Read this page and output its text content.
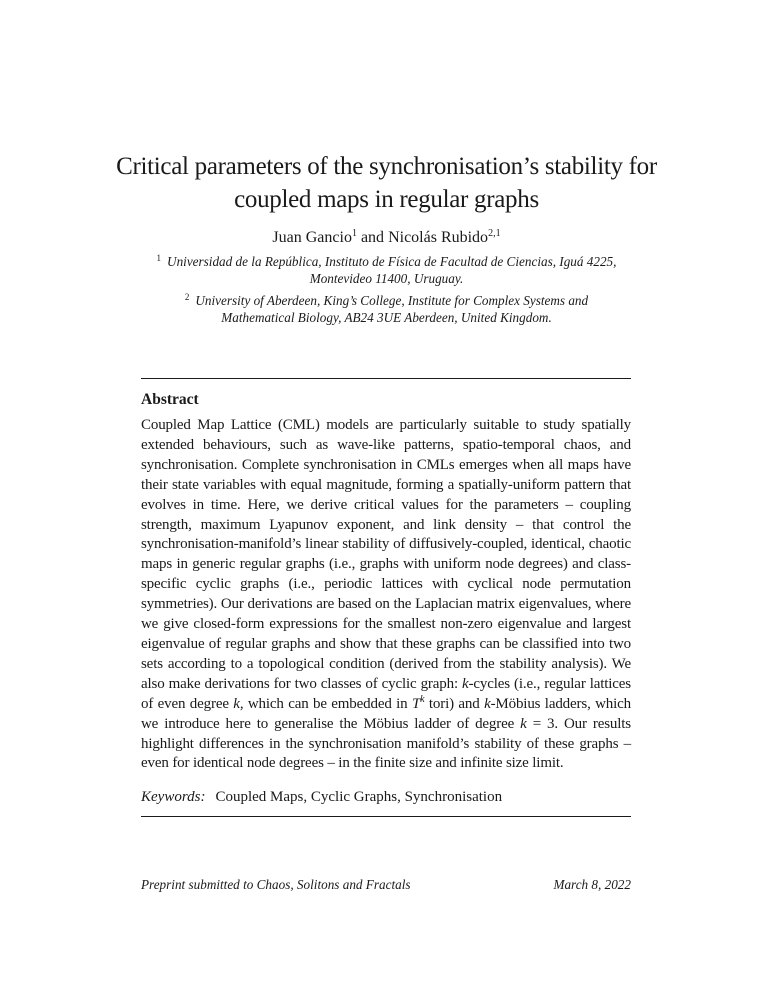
Critical parameters of the synchronisation’s stability for
coupled maps in regular graphs
Juan Gancio$^1$ and Nicolás Rubido$^{2,1}$
$^1$ Universidad de la República, Instituto de Física de Facultad de Ciencias, Iguá 4225,
Montevideo 11400, Uruguay.
$^2$ University of Aberdeen, King’s College, Institute for Complex Systems and
Mathematical Biology, AB24 3UE Aberdeen, United Kingdom.
Abstract
Coupled Map Lattice (CML) models are particularly suitable to study spatially extended behaviours, such as wave-like patterns, spatio-temporal chaos, and synchronisation. Complete synchronisation in CMLs emerges when all maps have their state variables with equal magnitude, forming a spatially-uniform pattern that evolves in time. Here, we derive critical values for the parameters – coupling strength, maximum Lyapunov exponent, and link density – that control the synchronisation-manifold’s linear stability of diffusively-coupled, identical, chaotic maps in generic regular graphs (i.e., graphs with uniform node degrees) and class-specific cyclic graphs (i.e., periodic lattices with cyclical node permutation symmetries). Our derivations are based on the Laplacian matrix eigenvalues, where we give closed-form expressions for the smallest non-zero eigenvalue and largest eigenvalue of regular graphs and show that these graphs can be classified into two sets according to a topological condition (derived from the stability analysis). We also make derivations for two classes of cyclic graph: k-cycles (i.e., regular lattices of even degree k, which can be embedded in $T^k$ tori) and k-Möbius ladders, which we introduce here to generalise the Möbius ladder of degree k = 3. Our results highlight differences in the synchronisation manifold’s stability of these graphs – even for identical node degrees – in the finite size and infinite size limit.
Keywords: Coupled Maps, Cyclic Graphs, Synchronisation
Preprint submitted to Chaos, Solitons and Fractals	March 8, 2022
